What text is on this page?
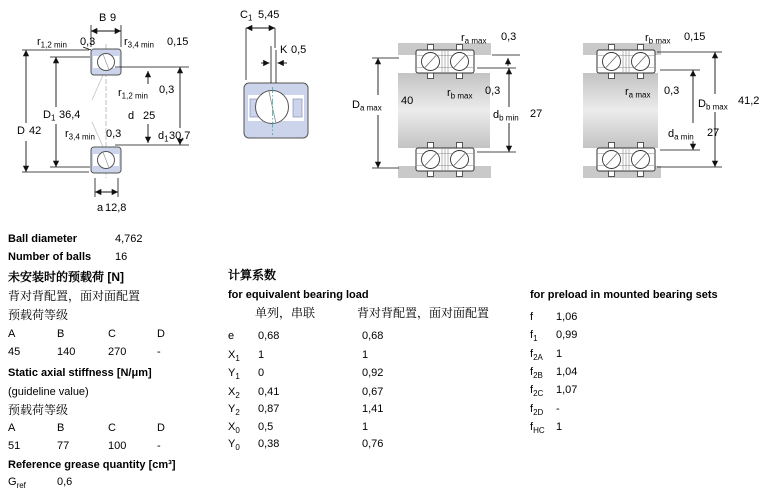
B 9
$r_{1,2 min}$ 0,3	$r_{3,4 min}$ 0,15
D 42
$D_1$ 36,4
$r_{1,2 min}$ 0,3
d 25
$d_1$ 30,7
$r_{3,4 min}$ 0,3
a 12,8
$C_1$ 5,45
K 0,5
$r_{a max}$ 0,3
$D_{a max}$
40
$r_{b max}$ 0,3
$d_{b min}$ 27
$r_{b max}$ 0,15
$r_{a max}$ 0,3
$D_{b max}$ 41,2
$d_{a min}$ 27
Ball diameter	4,762
Number of balls 16
未安装时的预载荷 [N]
背对背配置，面对面配置
预载荷等级
A	B	C	D
45	140	270	-
Static axial stiffness [N/μm]
(guideline value)
预载荷等级
A	B	C	D
51	77	100	-
Reference grease quantity [cm³]
$G_{ref}$	0,6
计算系数
for equivalent bearing load
单列，串联	背对背配置，面对面配置
e 0,68	0,68
$X_1$ 1	1
$Y_1$ 0	0,92
$X_2$ 0,41	0,67
$Y_2$ 0,87	1,41
$X_0$ 0,5	1
$Y_0$ 0,38	0,76
for preload in mounted bearing sets
f 1,06
$f_1$ 0,99
$f_{2A}$ 1
$f_{2B}$ 1,04
$f_{2C}$ 1,07
$f_{2D}$ -
$f_{HC}$ 1
